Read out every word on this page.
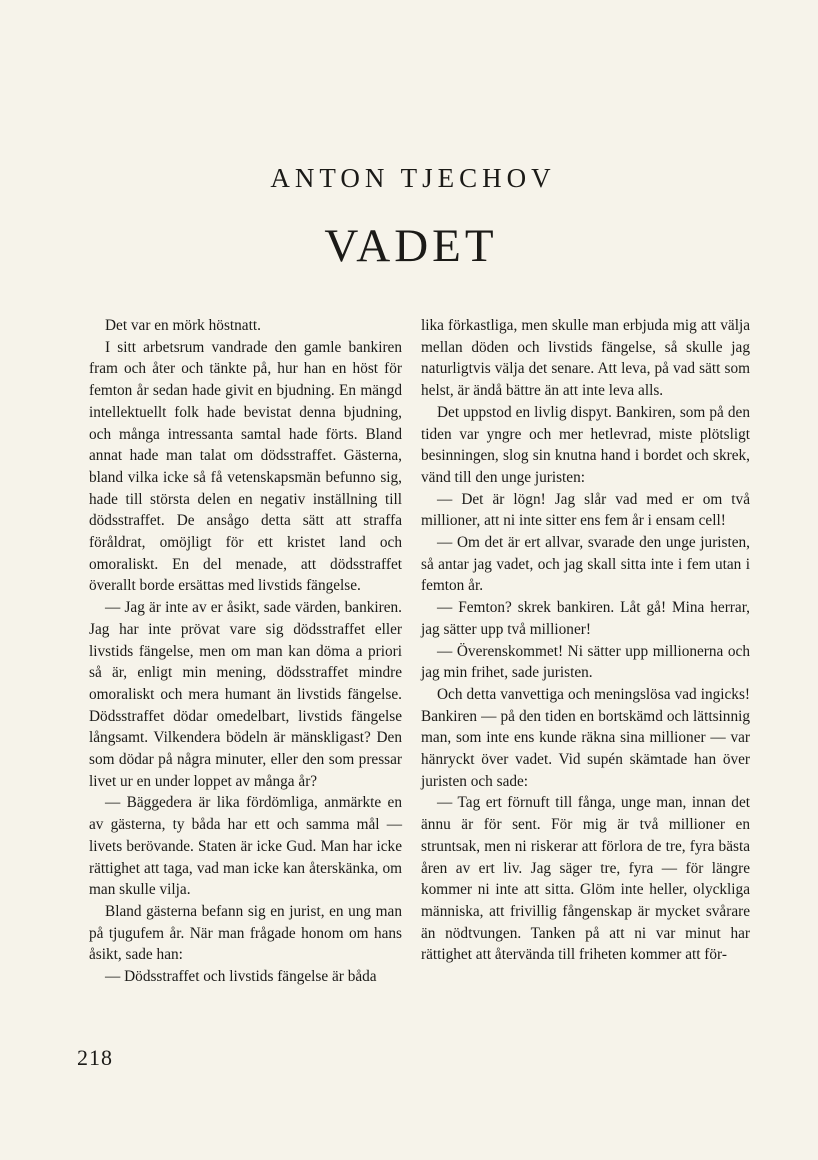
ANTON TJECHOV
VADET

Det var en mörk höstnatt.

I sitt arbetsrum vandrade den gamle bankiren fram och åter och tänkte på, hur han en höst för femton år sedan hade givit en bjudning. En mängd intellektuellt folk hade bevistat denna bjudning, och många intressanta samtal hade förts. Bland annat hade man talat om dödsstraffet. Gästerna, bland vilka icke så få vetenskapsmän befunno sig, hade till största delen en negativ inställning till dödsstraffet. De ansågo detta sätt att straffa föråldrat, omöjligt för ett kristet land och omoraliskt. En del menade, att dödsstraffet överallt borde ersättas med livstids fängelse.

— Jag är inte av er åsikt, sade värden, bankiren. Jag har inte prövat vare sig dödsstraffet eller livstids fängelse, men om man kan döma a priori så är, enligt min mening, dödsstraffet mindre omoraliskt och mera humant än livstids fängelse. Dödsstraffet dödar omedelbart, livstids fängelse långsamt. Vilkendera bödeln är mänskligast? Den som dödar på några minuter, eller den som pressar livet ur en under loppet av många år?

— Bäggedera är lika fördömliga, anmärkte en av gästerna, ty båda har ett och samma mål — livets berövande. Staten är icke Gud. Man har icke rättighet att taga, vad man icke kan återskänka, om man skulle vilja.

Bland gästerna befann sig en jurist, en ung man på tjugufem år. När man frågade honom om hans åsikt, sade han:

— Dödsstraffet och livstids fängelse är båda

lika förkastliga, men skulle man erbjuda mig att välja mellan döden och livstids fängelse, så skulle jag naturligtvis välja det senare. Att leva, på vad sätt som helst, är ändå bättre än att inte leva alls.

Det uppstod en livlig dispyt. Bankiren, som på den tiden var yngre och mer hetlevrad, miste plötsligt besinningen, slog sin knutna hand i bordet och skrek, vänd till den unge juristen:

— Det är lögn! Jag slår vad med er om två millioner, att ni inte sitter ens fem år i ensam cell!

— Om det är ert allvar, svarade den unge juristen, så antar jag vadet, och jag skall sitta inte i fem utan i femton år.

— Femton? skrek bankiren. Låt gå! Mina herrar, jag sätter upp två millioner!

— Överenskommet! Ni sätter upp millionerna och jag min frihet, sade juristen.

Och detta vanvettiga och meningslösa vad ingicks! Bankiren — på den tiden en bortskämd och lättsinnig man, som inte ens kunde räkna sina millioner — var hänryckt över vadet. Vid supén skämtade han över juristen och sade:

— Tag ert förnuft till fånga, unge man, innan det ännu är för sent. För mig är två millioner en struntsak, men ni riskerar att förlora de tre, fyra bästa åren av ert liv. Jag säger tre, fyra — för längre kommer ni inte att sitta. Glöm inte heller, olyckliga människa, att frivillig fångenskap är mycket svårare än nödtvungen. Tanken på att ni var minut har rättighet att återvända till friheten kommer att för-

218
